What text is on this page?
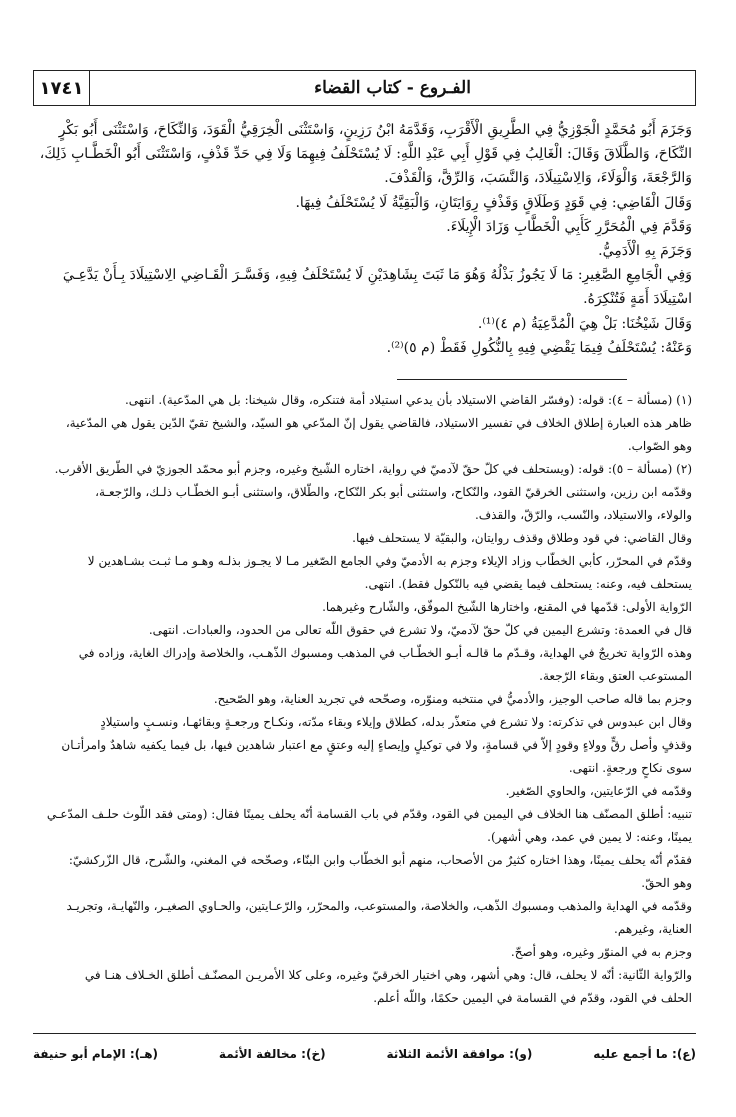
١٧٤١	الفـروع - كتاب القضاء

وَجَزَمَ أَبُو مُحَمَّدٍ الْجَوْزِيُّ فِي الطَّرِيقِ الْأَقْرَبِ، وَقَدَّمَهُ ابْنُ رَزِينٍ، وَاسْتَثْنَى الْخِرَقِيُّ الْقَوَدَ، وَالنِّكَاحَ، وَاسْتَثْنَى أَبُو بَكْرٍ

النِّكَاحَ، وَالطَّلَاقَ وَقَالَ: الْغَالِبُ فِي قَوْلِ أَبِي عَبْدِ اللَّهِ: لَا يُسْتَحْلَفُ فِيهِمَا وَلَا فِي حَدِّ قَذْفٍ، وَاسْتَثْنَى أَبُو الْخَطَّـابِ ذَلِكَ،

وَالرَّجْعَةَ، وَالْوَلَاءَ، وَالِاسْتِيلَادَ، وَالنَّسَبَ، وَالرِّقَّ، وَالْقَذْفَ.

وَقَالَ الْقَاضِي: فِي قَوَدٍ وَطَلَاقٍ وَقَذْفٍ رِوَايَتَانِ، وَالْبَقِيَّةُ لَا يُسْتَحْلَفُ فِيهَا.

وَقَدَّمَ فِي الْمُحَرَّرِ كَأَبِي الْخَطَّابِ وَزَادَ الْإِيلَاءَ.

وَجَزَمَ بِهِ الْأَدَمِيُّ.

وَفِي الْجَامِعِ الصَّغِيرِ: مَا لَا يَجُوزُ بَذْلُهُ وَهُوَ مَا ثَبَتَ بِشَاهِدَيْنِ لَا يُسْتَحْلَفُ فِيهِ، وَفَسَّـرَ الْقَـاضِي الِاسْتِيلَادَ بِـأَنْ يَدَّعِـيَ

اسْتِيلَادَ أَمَةٍ فَتُنْكِرَهُ.

وَقَالَ شَيْخُنَا: بَلْ هِيَ الْمُدَّعِيَةُ (م ٤)⁽¹⁾.

وَعَنْهُ: يُسْتَحْلَفُ فِيمَا يَقْضِي فِيهِ بِالنُّكُولِ فَقَطْ (م ٥)⁽²⁾.

(١) (مسألة – ٤): قوله: (وفسّر القاضي الاستيلاد بأن يدعي استيلاد أمة فتنكره، وقال شيخنا: بل هي المدّعية). انتهى.

ظاهر هذه العبارة إطلاق الخلاف في تفسير الاستيلاد، فالقاضي يقول إنّ المدّعي هو السيّد، والشيخ تقيّ الدّين يقول هي المدّعية،

وهو الصّواب.

(٢) (مسألة – ٥): قوله: (ويستحلف في كلّ حقّ لآدميّ في رواية، اختاره الشّيخ وغيره، وجزم أبو محمّد الجوزيّ في الطّريق الأقرب.

وقدّمه ابن رزين، واستثنى الخرقيّ القود، والنّكاح، واستثنى أبو بكر النّكاح، والطّلاق، واستثنى أبـو الخطّـاب ذلـك، والرّجعـة،

والولاء، والاستيلاد، والنّسب، والرّقّ، والقذف.

وقال القاضي: في قود وطلاق وقذف روايتان، والبقيّة لا يستحلف فيها.

وقدّم في المحرّر، كأبي الخطّاب وزاد الإيلاء وجزم به الأدميّ وفي الجامع الصّغير مـا لا يجـوز بذلـه وهـو مـا ثبـت بشـاهدين لا

يستحلف فيه، وعنه: يستحلف فيما يقضي فيه بالنّكول فقط). انتهى.

الرّواية الأولى: قدّمها في المقنع، واختارها الشّيخ الموفّق، والشّارح وغيرهما.

قال في العمدة: وتشرع اليمين في كلّ حقّ لآدميّ، ولا تشرع في حقوق اللّه تعالى من الحدود، والعبادات. انتهى.

وهذه الرّواية تخريجٌ في الهداية، وقـدّم ما قالـه أبـو الخطّـاب في المذهب ومسبوك الذّهـب، والخلاصة وإدراك الغاية، وزاده في

المستوعب العتق وبقاء الرّجعة.

وجزم بما قاله صاحب الوجيز، والأدميُّ في منتخبه ومنوّره، وصحّحه في تجريد العناية، وهو الصّحيح.

وقال ابن عبدوس في تذكرته: ولا تشرع في متعذّر بدله، كطلاق وإيلاء وبقاء مدّته، ونكـاح ورجعـةٍ وبقائهـا، ونسـبٍ واستيلادٍ

وقذفٍ وأصل رقٍّ وولاءٍ وقودٍ إلاّ في قسامةٍ، ولا في توكيلٍ وإيصاءٍ إليه وعتقٍ مع اعتبار شاهدين فيها، بل فيما يكفيه شاهدٌ وامرأتـان

سوى نكاحٍ ورجعةٍ. انتهى.

وقدّمه في الرّعايتين، والحاوي الصّغير.

تنبيه: أطلق المصنّف هنا الخلاف في اليمين في القود، وقدّم في باب القسامة أنّه يحلف يمينًا فقال: (ومتى فقد اللّوث حلـف المدّعـي

يمينًا، وعنه: لا يمين في عمد، وهي أشهر).

فقدّم أنّه يحلف يمينًا، وهذا اختاره كثيرٌ من الأصحاب، منهم أبو الخطّاب وابن البنّاء، وصحّحه في المغني، والشّرح، قال الزّركشيّ:

وهو الحقّ.

وقدّمه في الهداية والمذهب ومسبوك الذّهب، والخلاصة، والمستوعب، والمحرّر، والرّعـايتين، والحـاوي الصغيـر، والنّهايـة، وتجريـد

العناية، وغيرهم.

وجزم به في المنوّر وغيره، وهو أصحّ.

والرّواية الثّانية: أنّه لا يحلف، قال: وهي أشهر، وهي اختيار الخرقيّ وغيره، وعلى كلا الأمريـن المصنّـف أطلق الخـلاف هنـا في

الحلف في القود، وقدّم في القسامة في اليمين حكمًا، واللّه أعلم.

(ع): ما أجمع عليه
(و): موافقة الأئمة الثلاثة
(خ): مخالفة الأئمة
(هـ): الإمام أبو حنيفة
